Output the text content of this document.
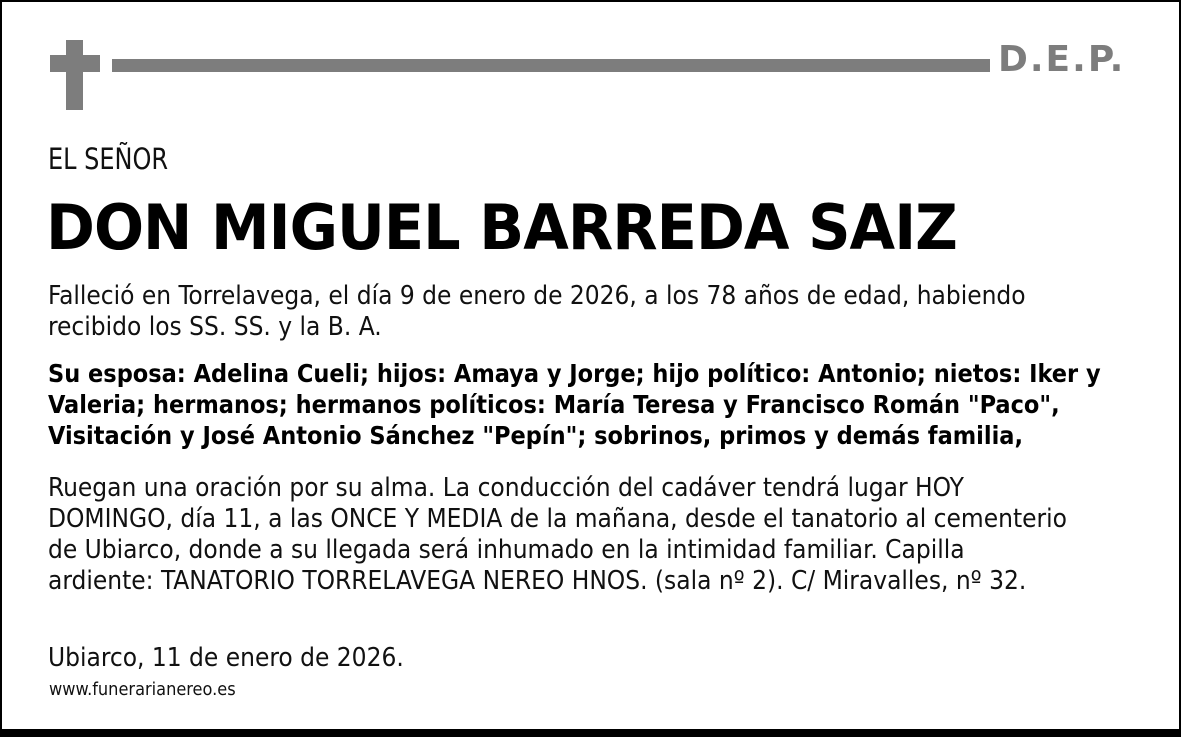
D.E.P.
EL SEÑOR
DON MIGUEL BARREDA SAIZ
Falleció en Torrelavega, el día 9 de enero de 2026, a los 78 años de edad, habiendo
recibido los SS. SS. y la B. A.
Su esposa: Adelina Cueli; hijos: Amaya y Jorge; hijo político: Antonio; nietos: Iker y
Valeria; hermanos; hermanos políticos: María Teresa y Francisco Román "Paco",
Visitación y José Antonio Sánchez "Pepín"; sobrinos, primos y demás familia,
Ruegan una oración por su alma. La conducción del cadáver tendrá lugar HOY
DOMINGO, día 11, a las ONCE Y MEDIA de la mañana, desde el tanatorio al cementerio
de Ubiarco, donde a su llegada será inhumado en la intimidad familiar. Capilla
ardiente: TANATORIO TORRELAVEGA NEREO HNOS. (sala nº 2). C/ Miravalles, nº 32.
Ubiarco, 11 de enero de 2026.
www.funerarianereo.es
